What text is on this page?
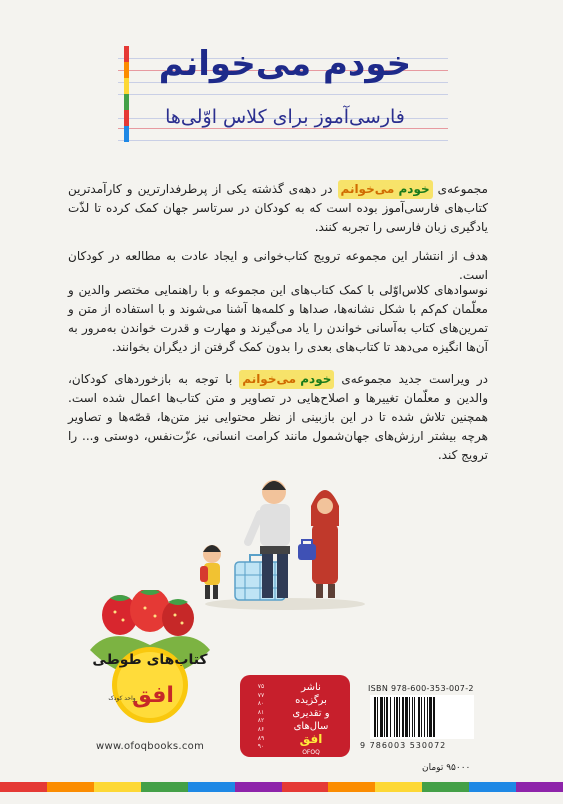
خودم می‌خوانم
فارسی‌آموز برای کلاس اوّلی‌ها
مجموعه‌ی خودم می‌خوانم در دهه‌ی گذشته یکی از پرطرفدارترین و کارآمدترین کتاب‌های فارسی‌آموز بوده است که به کودکان در سرتاسر جهان کمک کرده تا لذّت یادگیری زبان فارسی را تجربه کنند.
هدف از انتشار این مجموعه ترویج کتاب‌خوانی و ایجاد عادت به مطالعه در کودکان است.
نوسوادهای کلاس‌اوّلی با کمک کتاب‌های این مجموعه و با راهنمایی مختصر والدین و معلّمان کم‌کم با شکل نشانه‌ها، صداها و کلمه‌ها آشنا می‌شوند و با استفاده از متن و تمرین‌های کتاب به‌آسانی خواندن را یاد می‌گیرند و مهارت و قدرت خواندن به‌مرور به آن‌ها انگیزه می‌دهد تا کتاب‌های بعدی را بدون کمک گرفتن از دیگران بخوانند.
در ویراست جدید مجموعه‌ی خودم می‌خوانم با توجه به بازخوردهای کودکان، والدین و معلّمان تغییرها و اصلاح‌هایی در تصاویر و متن کتاب‌ها اعمال شده است. همچنین تلاش شده تا در این بازبینی از نظر محتوایی نیز متن‌ها، قصّه‌ها و تصاویر هرچه بیشتر ارزش‌های جهان‌شمول مانند کرامت انسانی، عزّت‌نفس، دوستی و... را ترویج کند.
کتاب‌های طوطی
افق
واحد کودک
www.ofoqbooks.com
ناشر
برگزیده
و تقدیری
سال‌های
افق
OFOQ
۷۵
۷۷
۸۰
۸۱
۸۲
۸۶
۸۹
۹۰
ISBN 978-600-353-007-2
9 786003 530072
۹۵۰۰۰ تومان
